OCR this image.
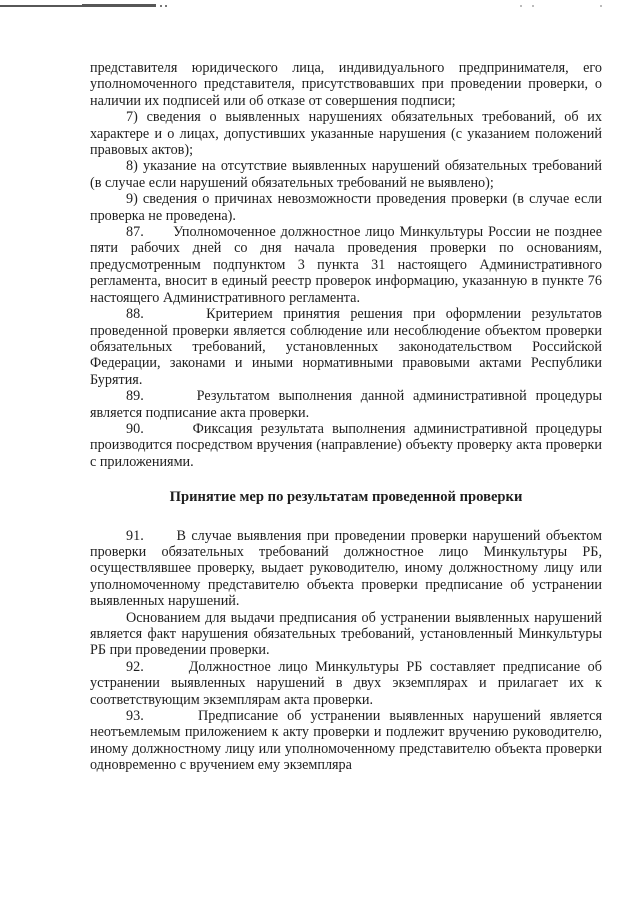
представителя юридического лица, индивидуального предпринимателя, его уполномоченного представителя, присутствовавших при проведении проверки, о наличии их подписей или об отказе от совершения подписи;

7) сведения о выявленных нарушениях обязательных требований, об их характере и о лицах, допустивших указанные нарушения (с указанием положений правовых актов);

8) указание на отсутствие выявленных нарушений обязательных требований (в случае если нарушений обязательных требований не выявлено);

9) сведения о причинах невозможности проведения проверки (в случае если проверка не проведена).

87.      Уполномоченное должностное лицо Минкультуры России не позднее пяти рабочих дней со дня начала проведения проверки по основаниям, предусмотренным подпунктом 3 пункта 31 настоящего Административного регламента, вносит в единый реестр проверок информацию, указанную в пункте 76 настоящего Административного регламента.

88.      Критерием принятия решения при оформлении результатов проведенной проверки является соблюдение или несоблюдение объектом проверки обязательных требований, установленных законодательством Российской Федерации, законами и иными нормативными правовыми актами Республики Бурятия.

89.      Результатом выполнения данной административной процедуры является подписание акта проверки.

90.      Фиксация результата выполнения административной процедуры производится посредством вручения (направление) объекту проверку акта проверки с приложениями.

Принятие мер по результатам проведенной проверки

91.      В случае выявления при проведении проверки нарушений объектом проверки обязательных требований должностное лицо Минкультуры РБ, осуществлявшее проверку, выдает руководителю, иному должностному лицу или уполномоченному представителю объекта проверки предписание об устранении выявленных нарушений.

Основанием для выдачи предписания об устранении выявленных нарушений является факт нарушения обязательных требований, установленный Минкультуры РБ при проведении проверки.

92.      Должностное лицо Минкультуры РБ составляет предписание об устранении выявленных нарушений в двух экземплярах и прилагает их к соответствующим экземплярам акта проверки.

93.      Предписание об устранении выявленных нарушений является неотъемлемым приложением к акту проверки и подлежит вручению руководителю, иному должностному лицу или уполномоченному представителю объекта проверки одновременно с вручением ему экземпляра
